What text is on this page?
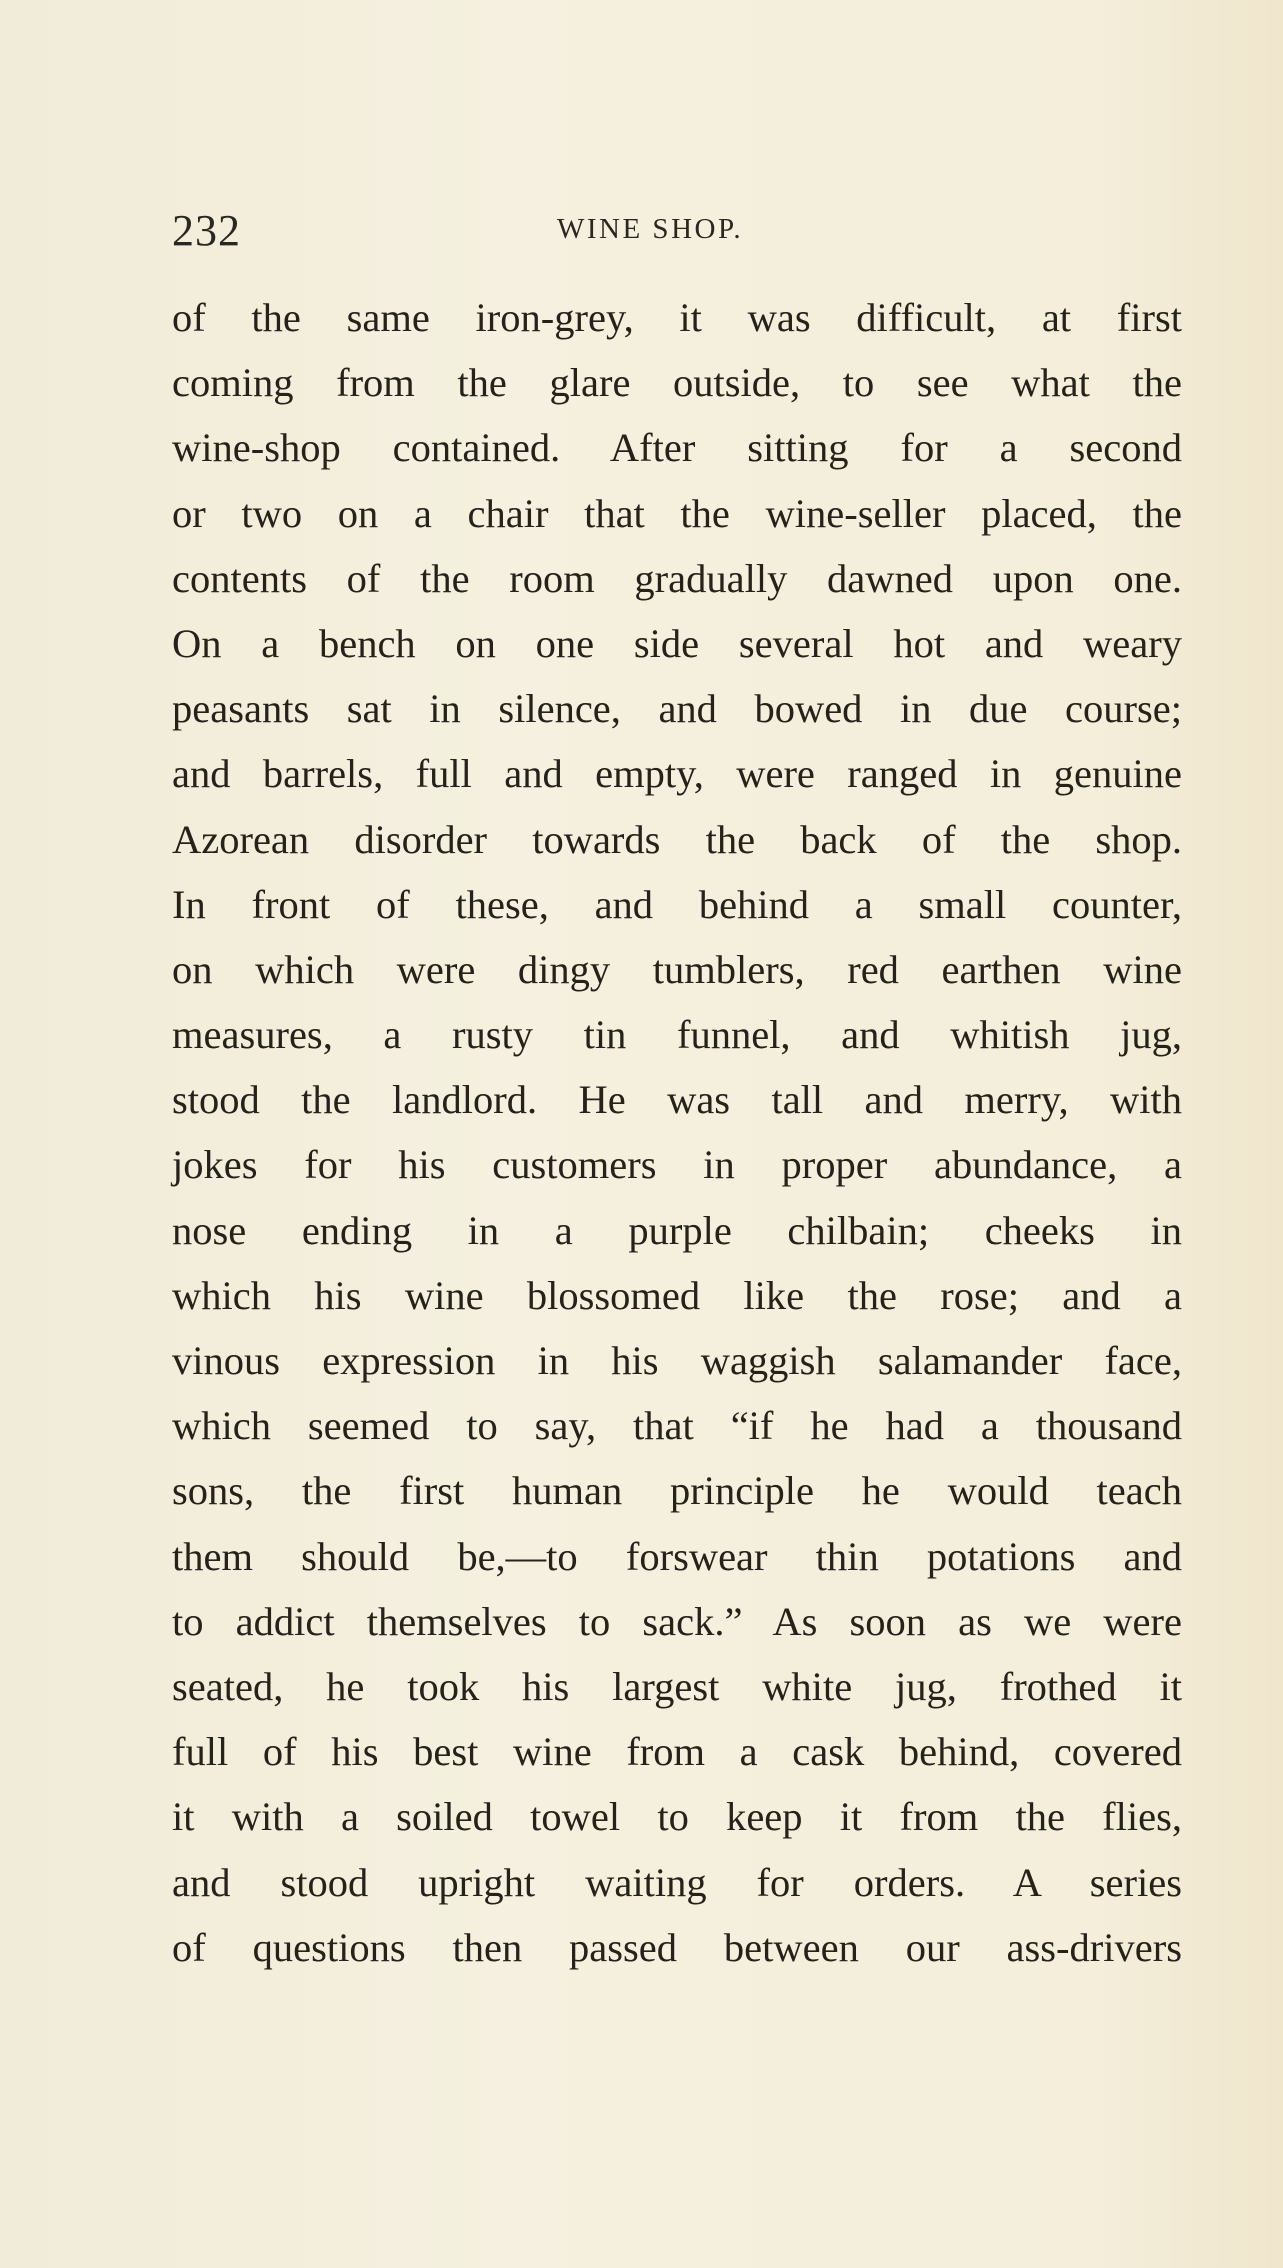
232	WINE SHOP.
of the same iron-grey, it was difficult, at first
coming from the glare outside, to see what the
wine-shop contained. After sitting for a second
or two on a chair that the wine-seller placed, the
contents of the room gradually dawned upon one.
On a bench on one side several hot and weary
peasants sat in silence, and bowed in due course;
and barrels, full and empty, were ranged in genuine
Azorean disorder towards the back of the shop.
In front of these, and behind a small counter,
on which were dingy tumblers, red earthen wine
measures, a rusty tin funnel, and whitish jug,
stood the landlord. He was tall and merry, with
jokes for his customers in proper abundance, a
nose ending in a purple chilbain; cheeks in
which his wine blossomed like the rose; and a
vinous expression in his waggish salamander face,
which seemed to say, that “if he had a thousand
sons, the first human principle he would teach
them should be,—to forswear thin potations and
to addict themselves to sack.” As soon as we were
seated, he took his largest white jug, frothed it
full of his best wine from a cask behind, covered
it with a soiled towel to keep it from the flies,
and stood upright waiting for orders. A series
of questions then passed between our ass-drivers
